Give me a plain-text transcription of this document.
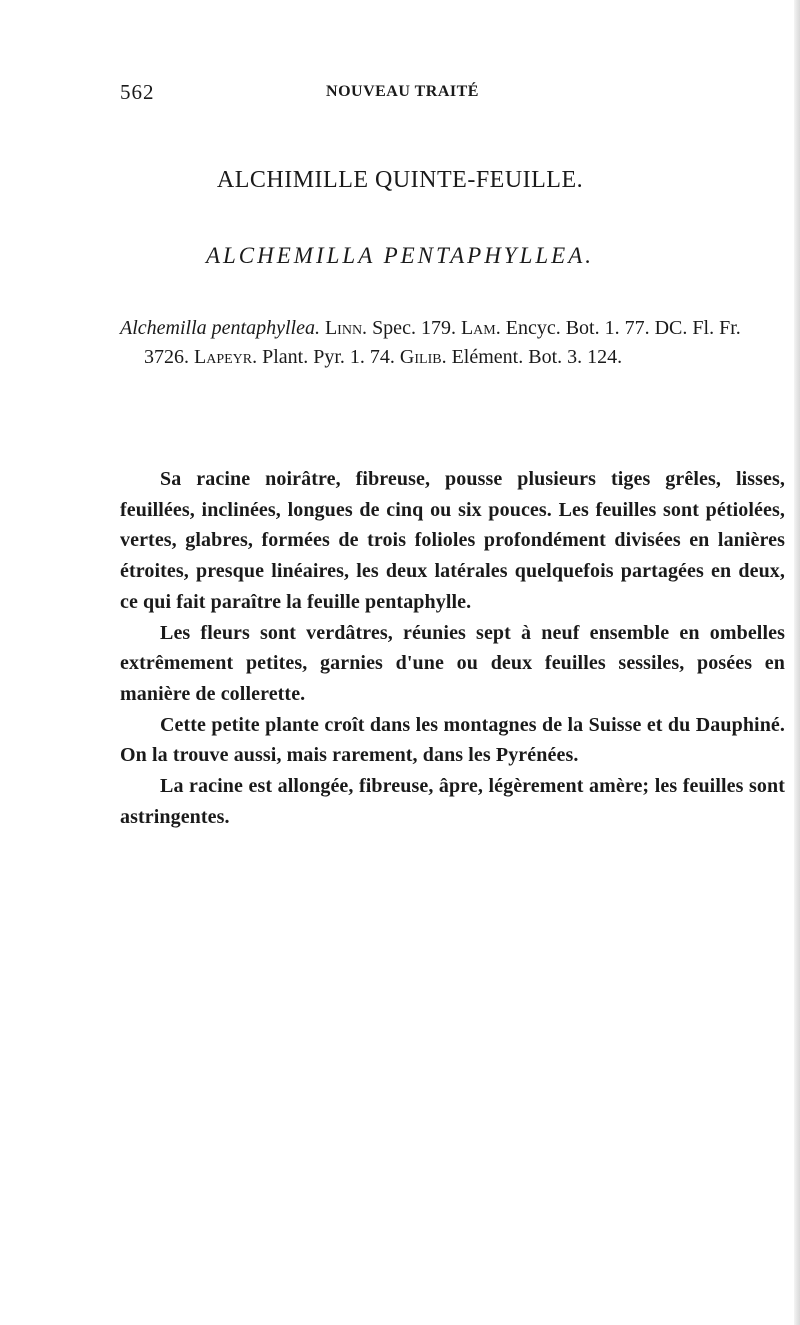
562	NOUVEAU TRAITÉ
ALCHIMILLE QUINTE-FEUILLE.
ALCHEMILLA PENTAPHYLLEA.
Alchemilla pentaphyllea. Linn. Spec. 179. Lam. Encyc. Bot. 1. 77. DC. Fl. Fr. 3726. Lapeyr. Plant. Pyr. 1. 74. Gilib. Elément. Bot. 3. 124.

Sa racine noirâtre, fibreuse, pousse plusieurs tiges grêles, lisses, feuillées, inclinées, longues de cinq ou six pouces. Les feuilles sont pétiolées, vertes, glabres, formées de trois folioles profondément divisées en lanières étroites, presque linéaires, les deux latérales quelquefois partagées en deux, ce qui fait paraître la feuille pentaphylle.

Les fleurs sont verdâtres, réunies sept à neuf ensemble en ombelles extrêmement petites, garnies d'une ou deux feuilles sessiles, posées en manière de collerette.

Cette petite plante croît dans les montagnes de la Suisse et du Dauphiné. On la trouve aussi, mais rarement, dans les Pyrénées.

La racine est allongée, fibreuse, âpre, légèrement amère; les feuilles sont astringentes.
